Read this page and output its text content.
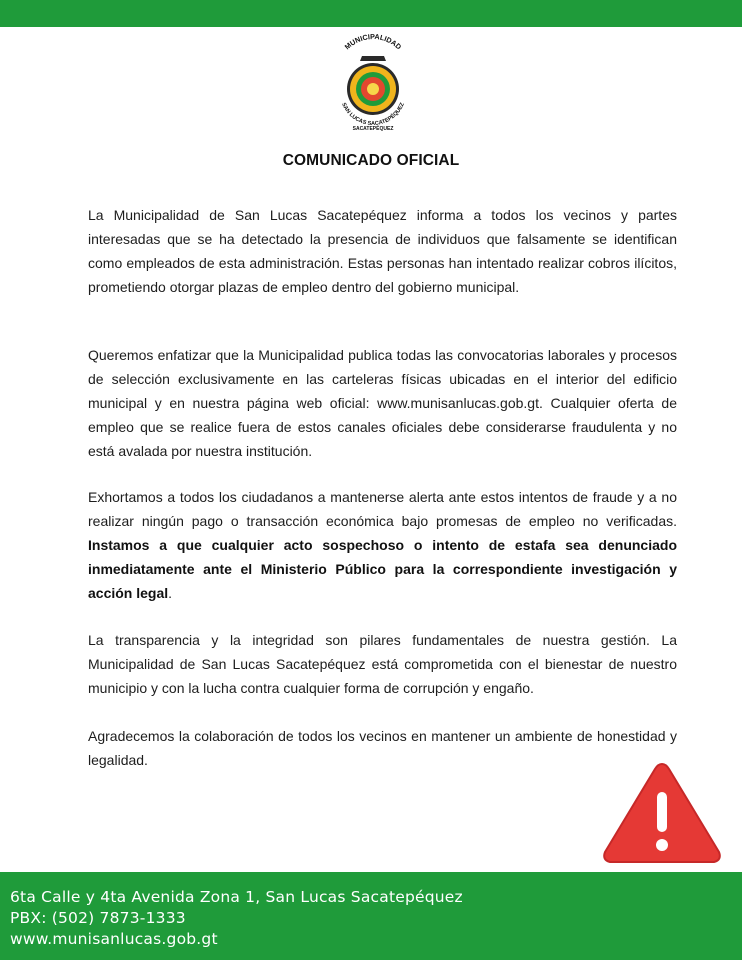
MUNICIPALIDAD
SAN LUCAS SACATEPÉQUEZ
SACATEPÉQUEZ
COMUNICADO OFICIAL

La Municipalidad de San Lucas Sacatepéquez informa a todos los vecinos y partes interesadas que se ha detectado la presencia de individuos que falsamente se identifican como empleados de esta administración. Estas personas han intentado realizar cobros ilícitos, prometiendo otorgar plazas de empleo dentro del gobierno municipal.

Queremos enfatizar que la Municipalidad publica todas las convocatorias laborales y procesos de selección exclusivamente en las carteleras físicas ubicadas en el interior del edificio municipal y en nuestra página web oficial: www.munisanlucas.gob.gt. Cualquier oferta de empleo que se realice fuera de estos canales oficiales debe considerarse fraudulenta y no está avalada por nuestra institución.

Exhortamos a todos los ciudadanos a mantenerse alerta ante estos intentos de fraude y a no realizar ningún pago o transacción económica bajo promesas de empleo no verificadas. Instamos a que cualquier acto sospechoso o intento de estafa sea denunciado inmediatamente ante el Ministerio Público para la correspondiente investigación y acción legal.

La transparencia y la integridad son pilares fundamentales de nuestra gestión. La Municipalidad de San Lucas Sacatepéquez está comprometida con el bienestar de nuestro municipio y con la lucha contra cualquier forma de corrupción y engaño.

Agradecemos la colaboración de todos los vecinos en mantener un ambiente de honestidad y legalidad.

6ta Calle y 4ta Avenida Zona 1, San Lucas Sacatepéquez
PBX: (502) 7873-1333
www.munisanlucas.gob.gt
